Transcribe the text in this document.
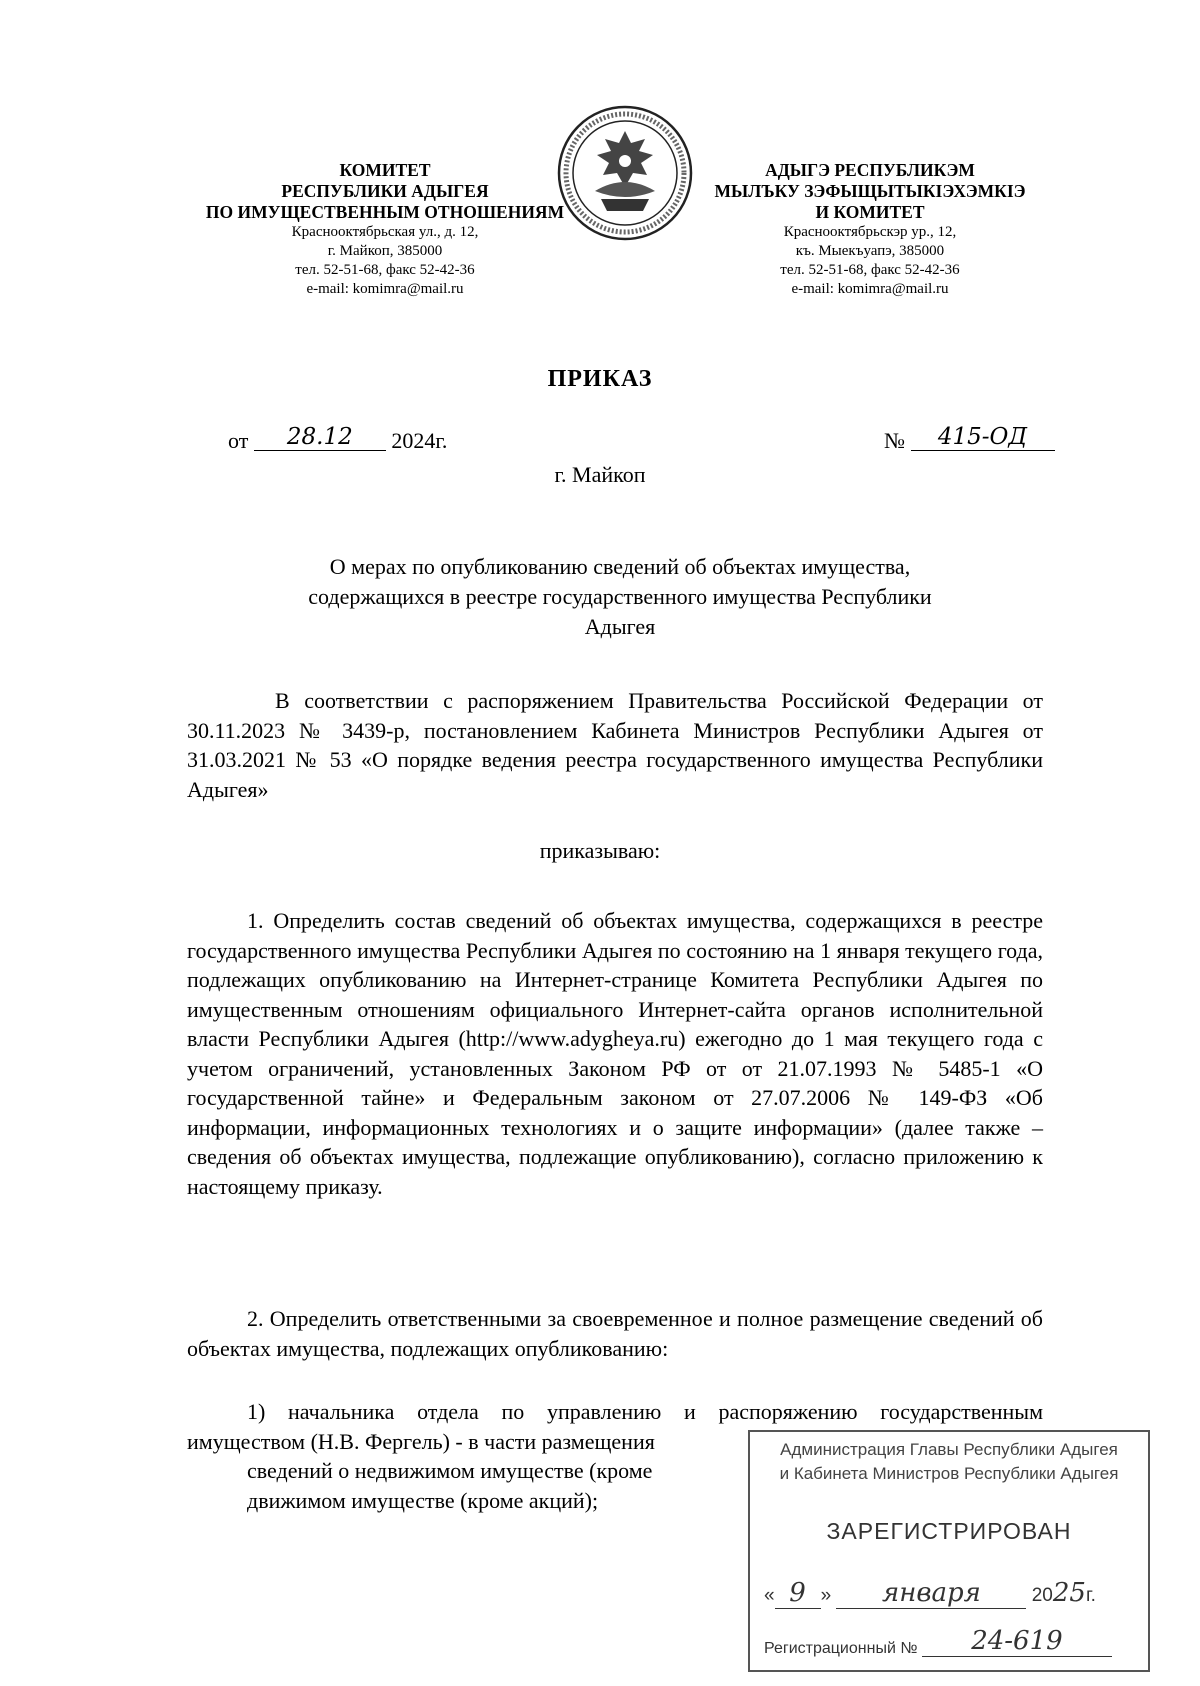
КОМИТЕТ
РЕСПУБЛИКИ АДЫГЕЯ
ПО ИМУЩЕСТВЕННЫМ ОТНОШЕНИЯМ
Краснооктябрьская ул., д. 12,
г. Майкоп, 385000
тел. 52-51-68, факс 52-42-36
e-mail: komimra@mail.ru
АДЫГЭ РЕСПУБЛИКЭМ
МЫЛЪКУ ЗЭФЫЩЫТЫКIЭХЭМКIЭ
И КОМИТЕТ
Краснооктябрьскэр ур., 12,
къ. Мыекъуапэ, 385000
тел. 52-51-68, факс 52-42-36
e-mail: komimra@mail.ru
ПРИКАЗ
от 28.12 2024г.	№ 415-ОД
г. Майкоп
О мерах по опубликованию сведений об объектах имущества,
содержащихся в реестре государственного имущества Республики
Адыгея
В соответствии с распоряжением Правительства Российской Федерации от 30.11.2023 № 3439-р, постановлением Кабинета Министров Республики Адыгея от 31.03.2021 № 53 «О порядке ведения реестра государственного имущества Республики Адыгея»
приказываю:
1. Определить состав сведений об объектах имущества, содержащихся в реестре государственного имущества Республики Адыгея по состоянию на 1 января текущего года, подлежащих опубликованию на Интернет-странице Комитета Республики Адыгея по имущественным отношениям официального Интернет-сайта органов исполнительной власти Республики Адыгея (http://www.adygheya.ru) ежегодно до 1 мая текущего года с учетом ограничений, установленных Законом РФ от от 21.07.1993 № 5485-1 «О государственной тайне» и Федеральным законом от 27.07.2006 № 149-ФЗ «Об информации, информационных технологиях и о защите информации» (далее также – сведения об объектах имущества, подлежащие опубликованию), согласно приложению к настоящему приказу.
2. Определить ответственными за своевременное и полное размещение сведений об объектах имущества, подлежащих опубликованию:
1) начальника отдела по управлению и распоряжению государственным имуществом (Н.В. Фергель) - в части размещения
сведений о недвижимом имуществе (кроме
движимом имуществе (кроме акций);
Администрация Главы Республики Адыгея
и Кабинета Министров Республики Адыгея
ЗАРЕГИСТРИРОВАН
« 9 » января	2025г.
Регистрационный № 24-619
